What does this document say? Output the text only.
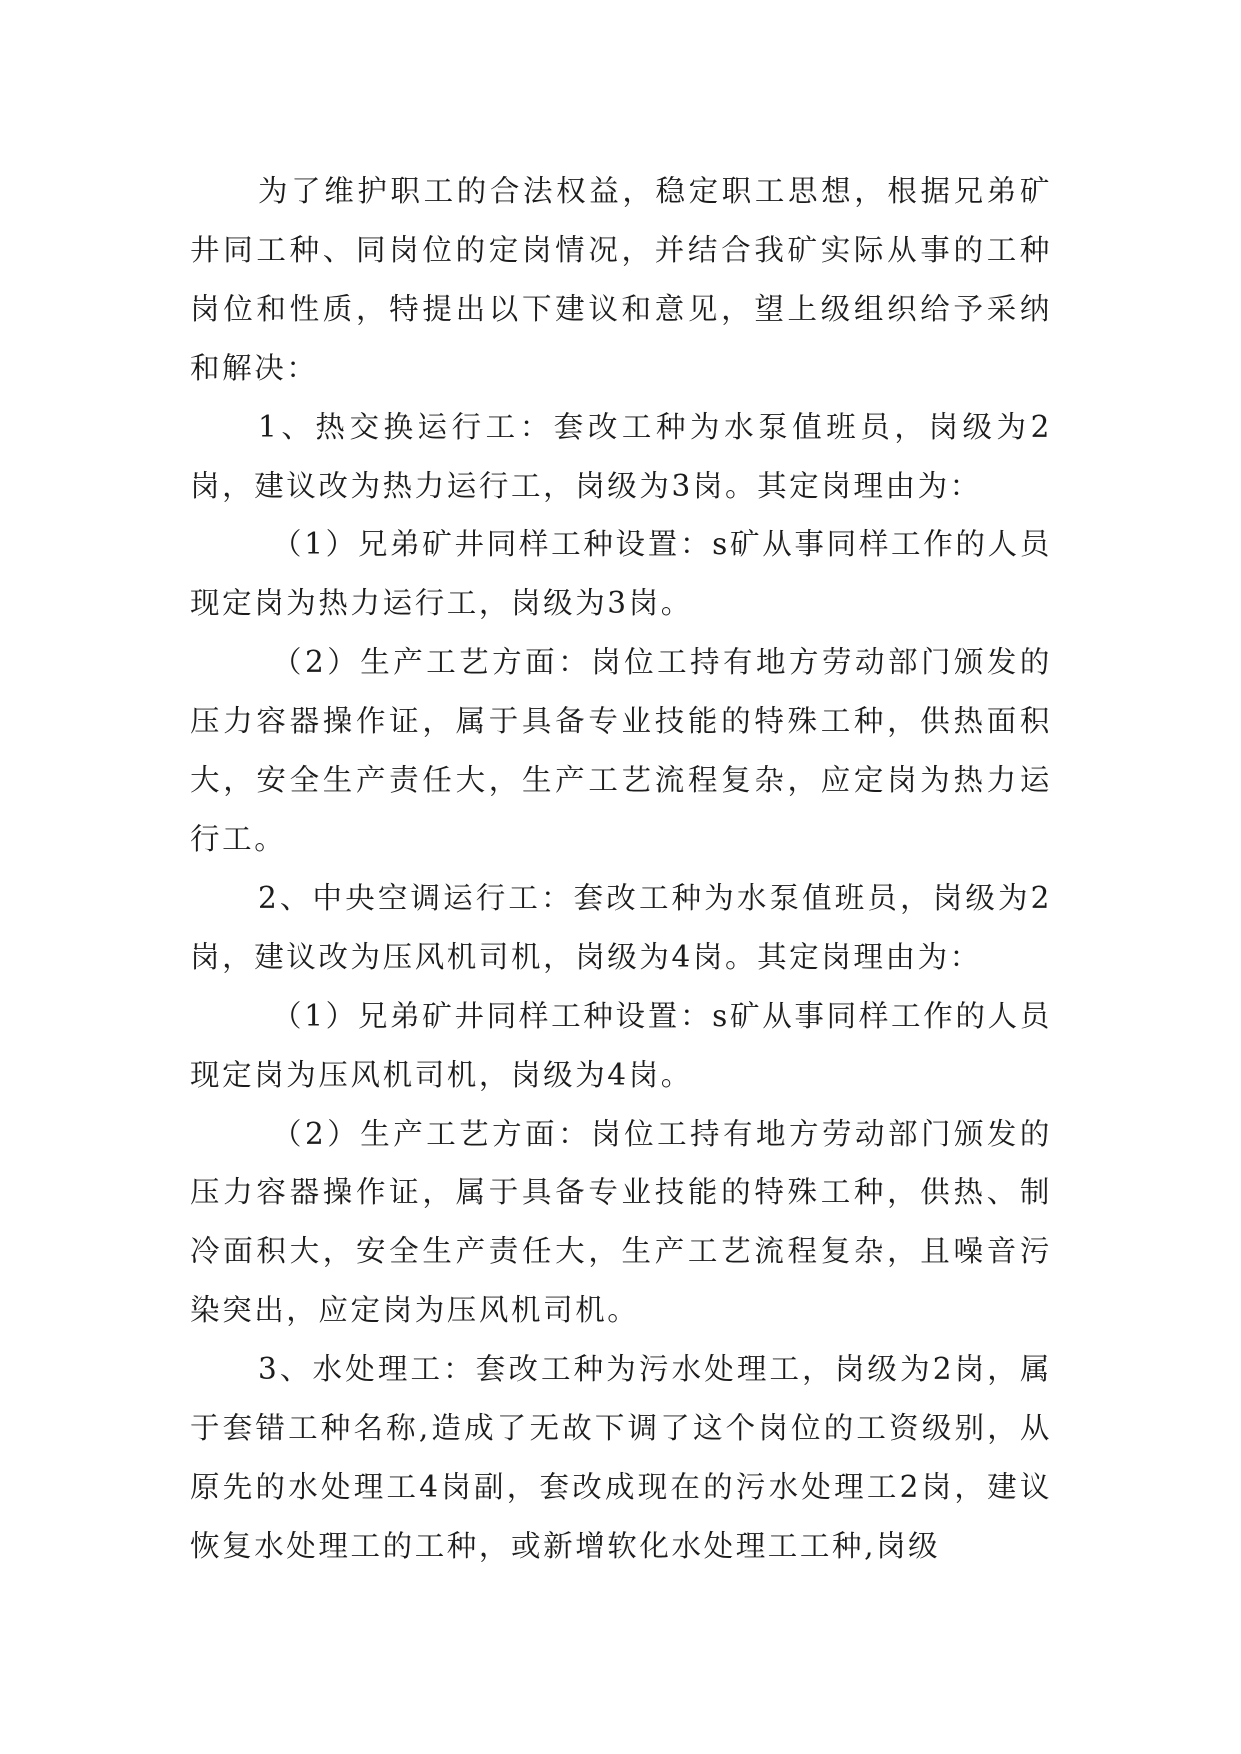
为了维护职工的合法权益，稳定职工思想，根据兄弟矿井同工种、同岗位的定岗情况，并结合我矿实际从事的工种岗位和性质，特提出以下建议和意见，望上级组织给予采纳和解决：

1、热交换运行工：套改工种为水泵值班员，岗级为2岗，建议改为热力运行工，岗级为3岗。其定岗理由为：

（1）兄弟矿井同样工种设置：s矿从事同样工作的人员现定岗为热力运行工，岗级为3岗。

（2）生产工艺方面：岗位工持有地方劳动部门颁发的压力容器操作证，属于具备专业技能的特殊工种，供热面积大，安全生产责任大，生产工艺流程复杂，应定岗为热力运行工。

2、中央空调运行工：套改工种为水泵值班员，岗级为2岗，建议改为压风机司机，岗级为4岗。其定岗理由为：

（1）兄弟矿井同样工种设置：s矿从事同样工作的人员现定岗为压风机司机，岗级为4岗。

（2）生产工艺方面：岗位工持有地方劳动部门颁发的压力容器操作证，属于具备专业技能的特殊工种，供热、制冷面积大，安全生产责任大，生产工艺流程复杂，且噪音污染突出，应定岗为压风机司机。

3、水处理工：套改工种为污水处理工，岗级为2岗，属于套错工种名称,造成了无故下调了这个岗位的工资级别，从原先的水处理工4岗副，套改成现在的污水处理工2岗，建议恢复水处理工的工种，或新增软化水处理工工种,岗级
